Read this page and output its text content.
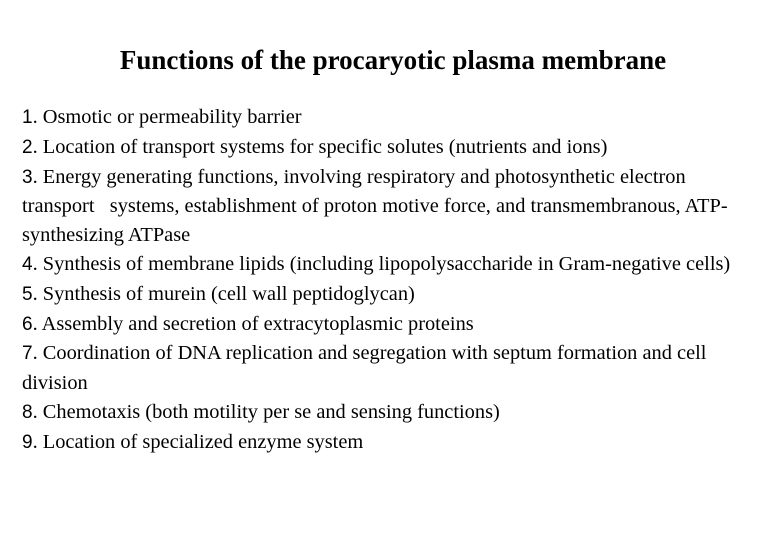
Functions of the procaryotic plasma membrane
1. Osmotic or permeability barrier
2. Location of transport systems for specific solutes (nutrients and ions)
3. Energy generating functions, involving respiratory and photosynthetic electron transport   systems, establishment of proton motive force, and transmembranous, ATP-synthesizing ATPase
4. Synthesis of membrane lipids (including lipopolysaccharide in Gram-negative cells)
5. Synthesis of murein (cell wall peptidoglycan)
6. Assembly and secretion of extracytoplasmic proteins
7. Coordination of DNA replication and segregation with septum formation and cell division
8. Chemotaxis (both motility per se and sensing functions)
9. Location of specialized enzyme system
